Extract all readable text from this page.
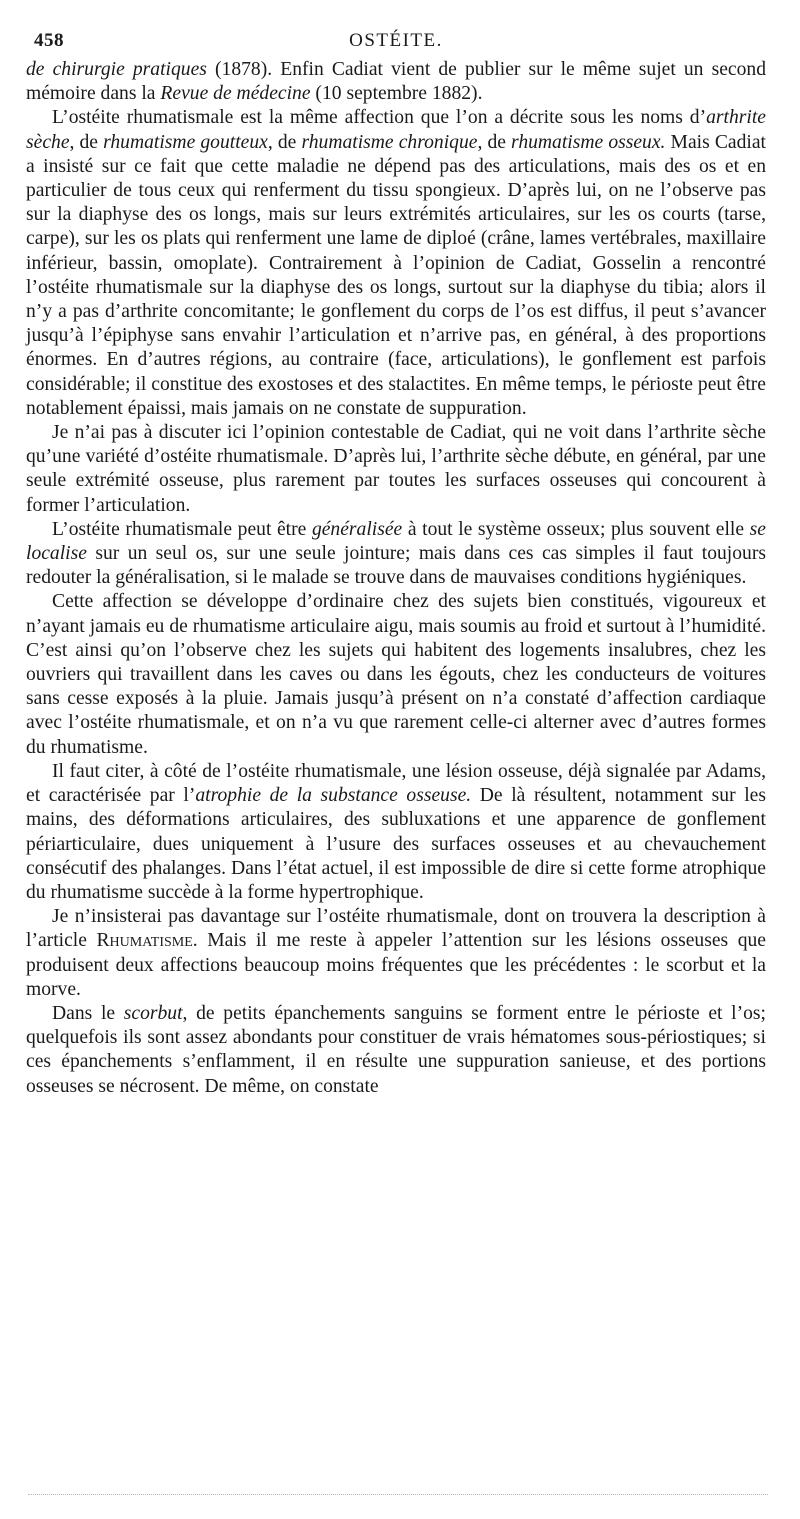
458	OSTÉITE.

de chirurgie pratiques (1878). Enfin Cadiat vient de publier sur le même sujet un second mémoire dans la Revue de médecine (10 septembre 1882).

L’ostéite rhumatismale est la même affection que l’on a décrite sous les noms d’arthrite sèche, de rhumatisme goutteux, de rhumatisme chronique, de rhumatisme osseux. Mais Cadiat a insisté sur ce fait que cette maladie ne dépend pas des articulations, mais des os et en particulier de tous ceux qui renferment du tissu spongieux. D’après lui, on ne l’observe pas sur la diaphyse des os longs, mais sur leurs extrémités articulaires, sur les os courts (tarse, carpe), sur les os plats qui renferment une lame de diploé (crâne, lames vertébrales, maxillaire inférieur, bassin, omoplate). Contrairement à l’opinion de Cadiat, Gosselin a rencontré l’ostéite rhumatismale sur la diaphyse des os longs, surtout sur la diaphyse du tibia; alors il n’y a pas d’arthrite concomitante; le gonflement du corps de l’os est diffus, il peut s’avancer jusqu’à l’épiphyse sans envahir l’articulation et n’arrive pas, en général, à des proportions énormes. En d’autres régions, au contraire (face, articulations), le gonflement est parfois considérable; il constitue des exostoses et des stalactites. En même temps, le périoste peut être notablement épaissi, mais jamais on ne constate de suppuration.

Je n’ai pas à discuter ici l’opinion contestable de Cadiat, qui ne voit dans l’arthrite sèche qu’une variété d’ostéite rhumatismale. D’après lui, l’arthrite sèche débute, en général, par une seule extrémité osseuse, plus rarement par toutes les surfaces osseuses qui concourent à former l’articulation.

L’ostéite rhumatismale peut être généralisée à tout le système osseux; plus souvent elle se localise sur un seul os, sur une seule jointure; mais dans ces cas simples il faut toujours redouter la généralisation, si le malade se trouve dans de mauvaises conditions hygiéniques.

Cette affection se développe d’ordinaire chez des sujets bien constitués, vigoureux et n’ayant jamais eu de rhumatisme articulaire aigu, mais soumis au froid et surtout à l’humidité. C’est ainsi qu’on l’observe chez les sujets qui habitent des logements insalubres, chez les ouvriers qui travaillent dans les caves ou dans les égouts, chez les conducteurs de voitures sans cesse exposés à la pluie. Jamais jusqu’à présent on n’a constaté d’affection cardiaque avec l’ostéite rhumatismale, et on n’a vu que rarement celle-ci alterner avec d’autres formes du rhumatisme.

Il faut citer, à côté de l’ostéite rhumatismale, une lésion osseuse, déjà signalée par Adams, et caractérisée par l’atrophie de la substance osseuse. De là résultent, notamment sur les mains, des déformations articulaires, des subluxations et une apparence de gonflement périarticulaire, dues uniquement à l’usure des surfaces osseuses et au chevauchement consécutif des phalanges. Dans l’état actuel, il est impossible de dire si cette forme atrophique du rhumatisme succède à la forme hypertrophique.

Je n’insisterai pas davantage sur l’ostéite rhumatismale, dont on trouvera la description à l’article Rhumatisme. Mais il me reste à appeler l’attention sur les lésions osseuses que produisent deux affections beaucoup moins fréquentes que les précédentes : le scorbut et la morve.

Dans le scorbut, de petits épanchements sanguins se forment entre le périoste et l’os; quelquefois ils sont assez abondants pour constituer de vrais hématomes sous-périostiques; si ces épanchements s’enflamment, il en résulte une suppuration sanieuse, et des portions osseuses se nécrosent. De même, on constate
